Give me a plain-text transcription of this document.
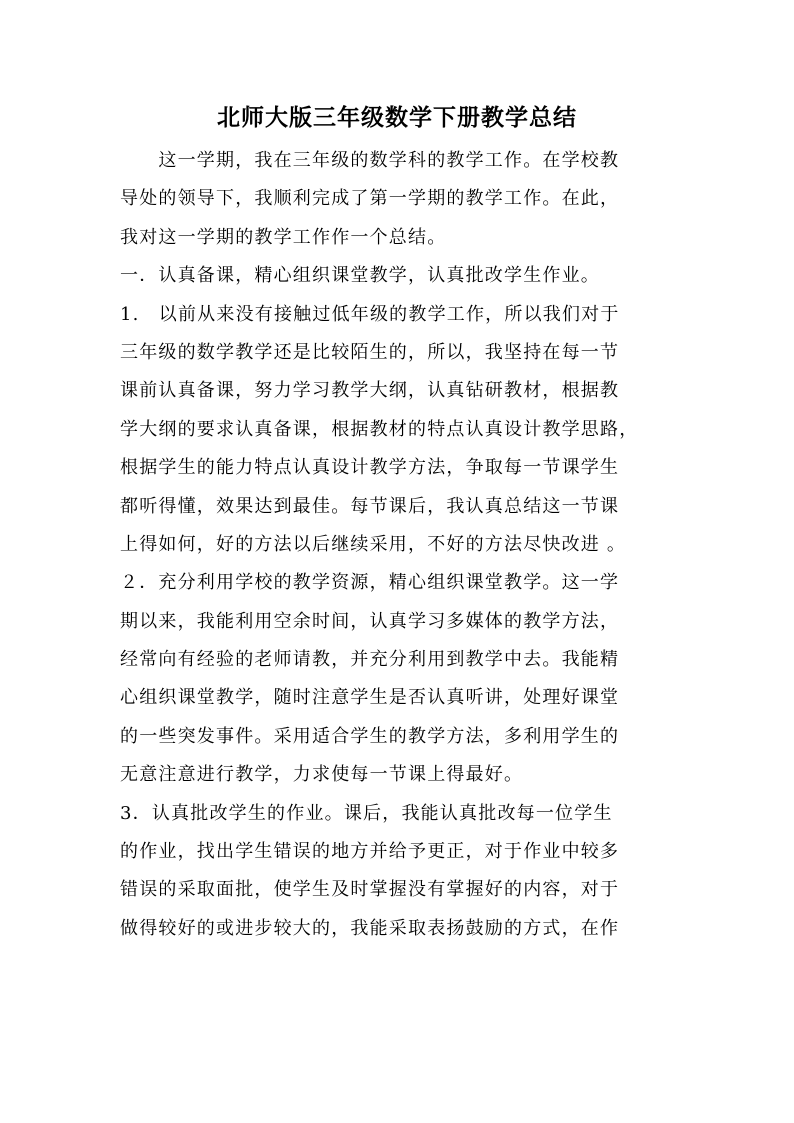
北师大版三年级数学下册教学总结
　　这一学期，我在三年级的数学科的教学工作。在学校教
导处的领导下，我顺利完成了第一学期的教学工作。在此，
我对这一学期的教学工作作一个总结。
一．认真备课，精心组织课堂教学，认真批改学生作业。
1.　以前从来没有接触过低年级的教学工作，所以我们对于
三年级的数学教学还是比较陌生的，所以，我坚持在每一节
课前认真备课，努力学习教学大纲，认真钻研教材，根据教
学大纲的要求认真备课，根据教材的特点认真设计教学思路，
根据学生的能力特点认真设计教学方法，争取每一节课学生
都听得懂，效果达到最佳。每节课后，我认真总结这一节课
上得如何，好的方法以后继续采用，不好的方法尽快改进 。
２．充分利用学校的教学资源，精心组织课堂教学。这一学
期以来，我能利用空余时间，认真学习多媒体的教学方法，
经常向有经验的老师请教，并充分利用到教学中去。我能精
心组织课堂教学，随时注意学生是否认真听讲，处理好课堂
的一些突发事件。采用适合学生的教学方法，多利用学生的
无意注意进行教学，力求使每一节课上得最好。
3．认真批改学生的作业。课后，我能认真批改每一位学生
的作业，找出学生错误的地方并给予更正，对于作业中较多
错误的采取面批，使学生及时掌握没有掌握好的内容，对于
做得较好的或进步较大的，我能采取表扬鼓励的方式，在作
